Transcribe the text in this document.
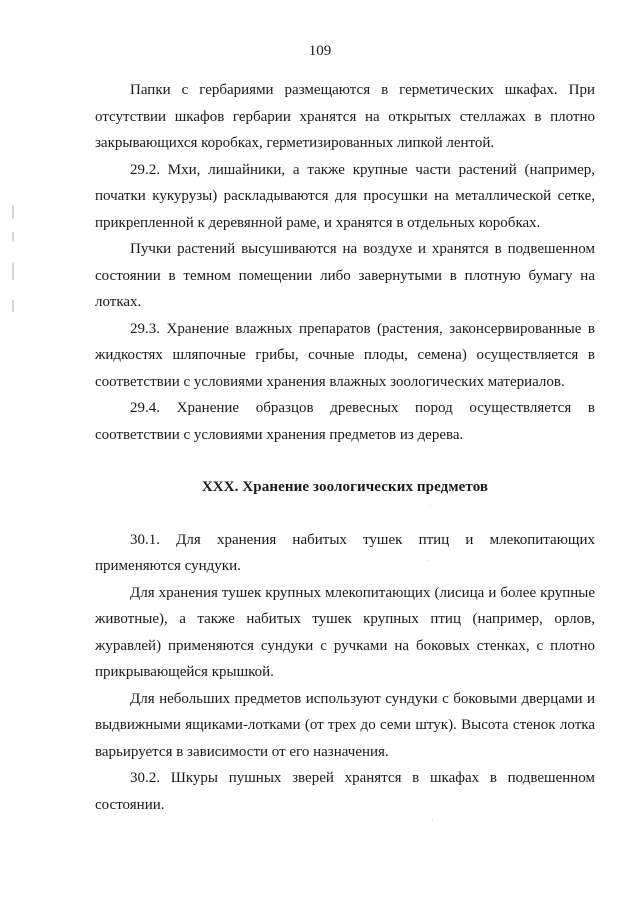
109

Папки с гербариями размещаются в герметических шкафах. При отсутствии шкафов гербарии хранятся на открытых стеллажах в плотно закрывающихся коробках, герметизированных липкой лентой.

29.2. Мхи, лишайники, а также крупные части растений (например, початки кукурузы) раскладываются для просушки на металлической сетке, прикрепленной к деревянной раме, и хранятся в отдельных коробках.

Пучки растений высушиваются на воздухе и хранятся в подвешенном состоянии в темном помещении либо завернутыми в плотную бумагу на лотках.

29.3. Хранение влажных препаратов (растения, законсервированные в жидкостях шляпочные грибы, сочные плоды, семена) осуществляется в соответствии с условиями хранения влажных зоологических материалов.

29.4. Хранение образцов древесных пород осуществляется в соответствии с условиями хранения предметов из дерева.

XXX. Хранение зоологических предметов

30.1. Для хранения набитых тушек птиц и млекопитающих применяются сундуки.

Для хранения тушек крупных млекопитающих (лисица и более крупные животные), а также набитых тушек крупных птиц (например, орлов, журавлей) применяются сундуки с ручками на боковых стенках, с плотно прикрывающейся крышкой.

Для небольших предметов используют сундуки с боковыми дверцами и выдвижными ящиками-лотками (от трех до семи штук). Высота стенок лотка варьируется в зависимости от его назначения.

30.2. Шкуры пушных зверей хранятся в шкафах в подвешенном состоянии.
